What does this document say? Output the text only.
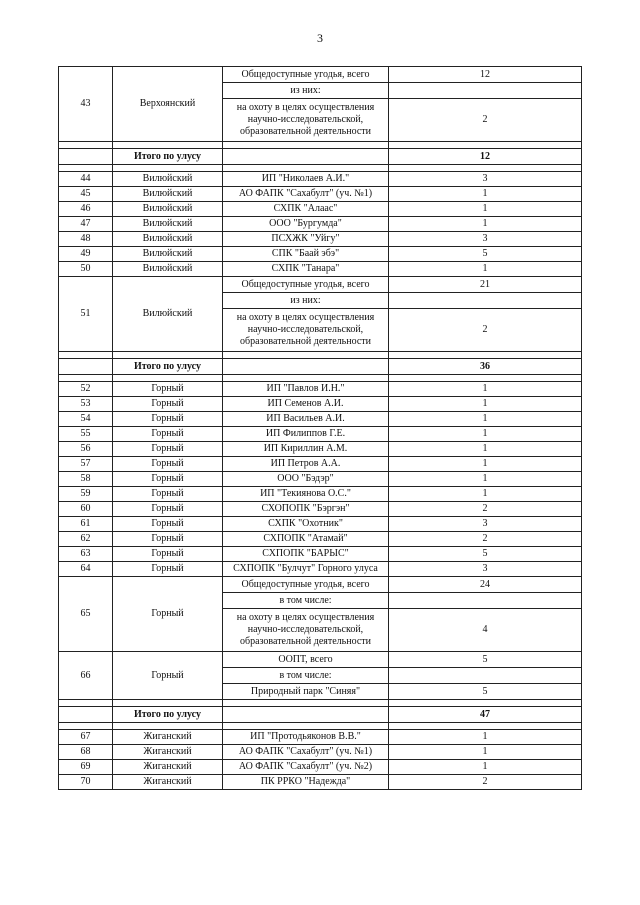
3
43	Верхоянский	Общедоступные угодья, всего	12
		из них:	
		на охоту в целях осуществления научно-исследовательской, образовательной деятельности	2

	Итого по улусу		12

44	Вилюйский	ИП "Николаев А.И."	3
45	Вилюйский	АО ФАПК "Сахабулт" (уч. №1)	1
46	Вилюйский	СХПК "Алаас"	1
47	Вилюйский	ООО "Бургумда"	1
48	Вилюйский	ПСХЖК "Уйгу"	3
49	Вилюйский	СПК "Баай эбэ"	5
50	Вилюйский	СХПК "Танара"	1
51	Вилюйский	Общедоступные угодья, всего	21
		из них:	
		на охоту в целях осуществления научно-исследовательской, образовательной деятельности	2

	Итого по улусу		36

52	Горный	ИП "Павлов И.Н."	1
53	Горный	ИП Семенов А.И.	1
54	Горный	ИП Васильев А.И.	1
55	Горный	ИП Филиппов Г.Е.	1
56	Горный	ИП Кириллин А.М.	1
57	Горный	ИП Петров А.А.	1
58	Горный	ООО "Бэдэр"	1
59	Горный	ИП "Текиянова О.С."	1
60	Горный	СХОПОПК "Бэргэн"	2
61	Горный	СХПК "Охотник"	3
62	Горный	СХПОПК "Атамай"	2
63	Горный	СХПОПК "БАРЫС"	5
64	Горный	СХПОПК "Булчут" Горного улуса	3
65	Горный	Общедоступные угодья, всего	24
		в том числе:	
		на охоту в целях осуществления научно-исследовательской, образовательной деятельности	4
66	Горный	ООПТ, всего	5
		в том числе:	
		Природный парк "Синяя"	5

	Итого по улусу		47

67	Жиганский	ИП "Протодьяконов В.В."	1
68	Жиганский	АО ФАПК "Сахабулт" (уч. №1)	1
69	Жиганский	АО ФАПК "Сахабулт" (уч. №2)	1
70	Жиганский	ПК РРКО "Надежда"	2
